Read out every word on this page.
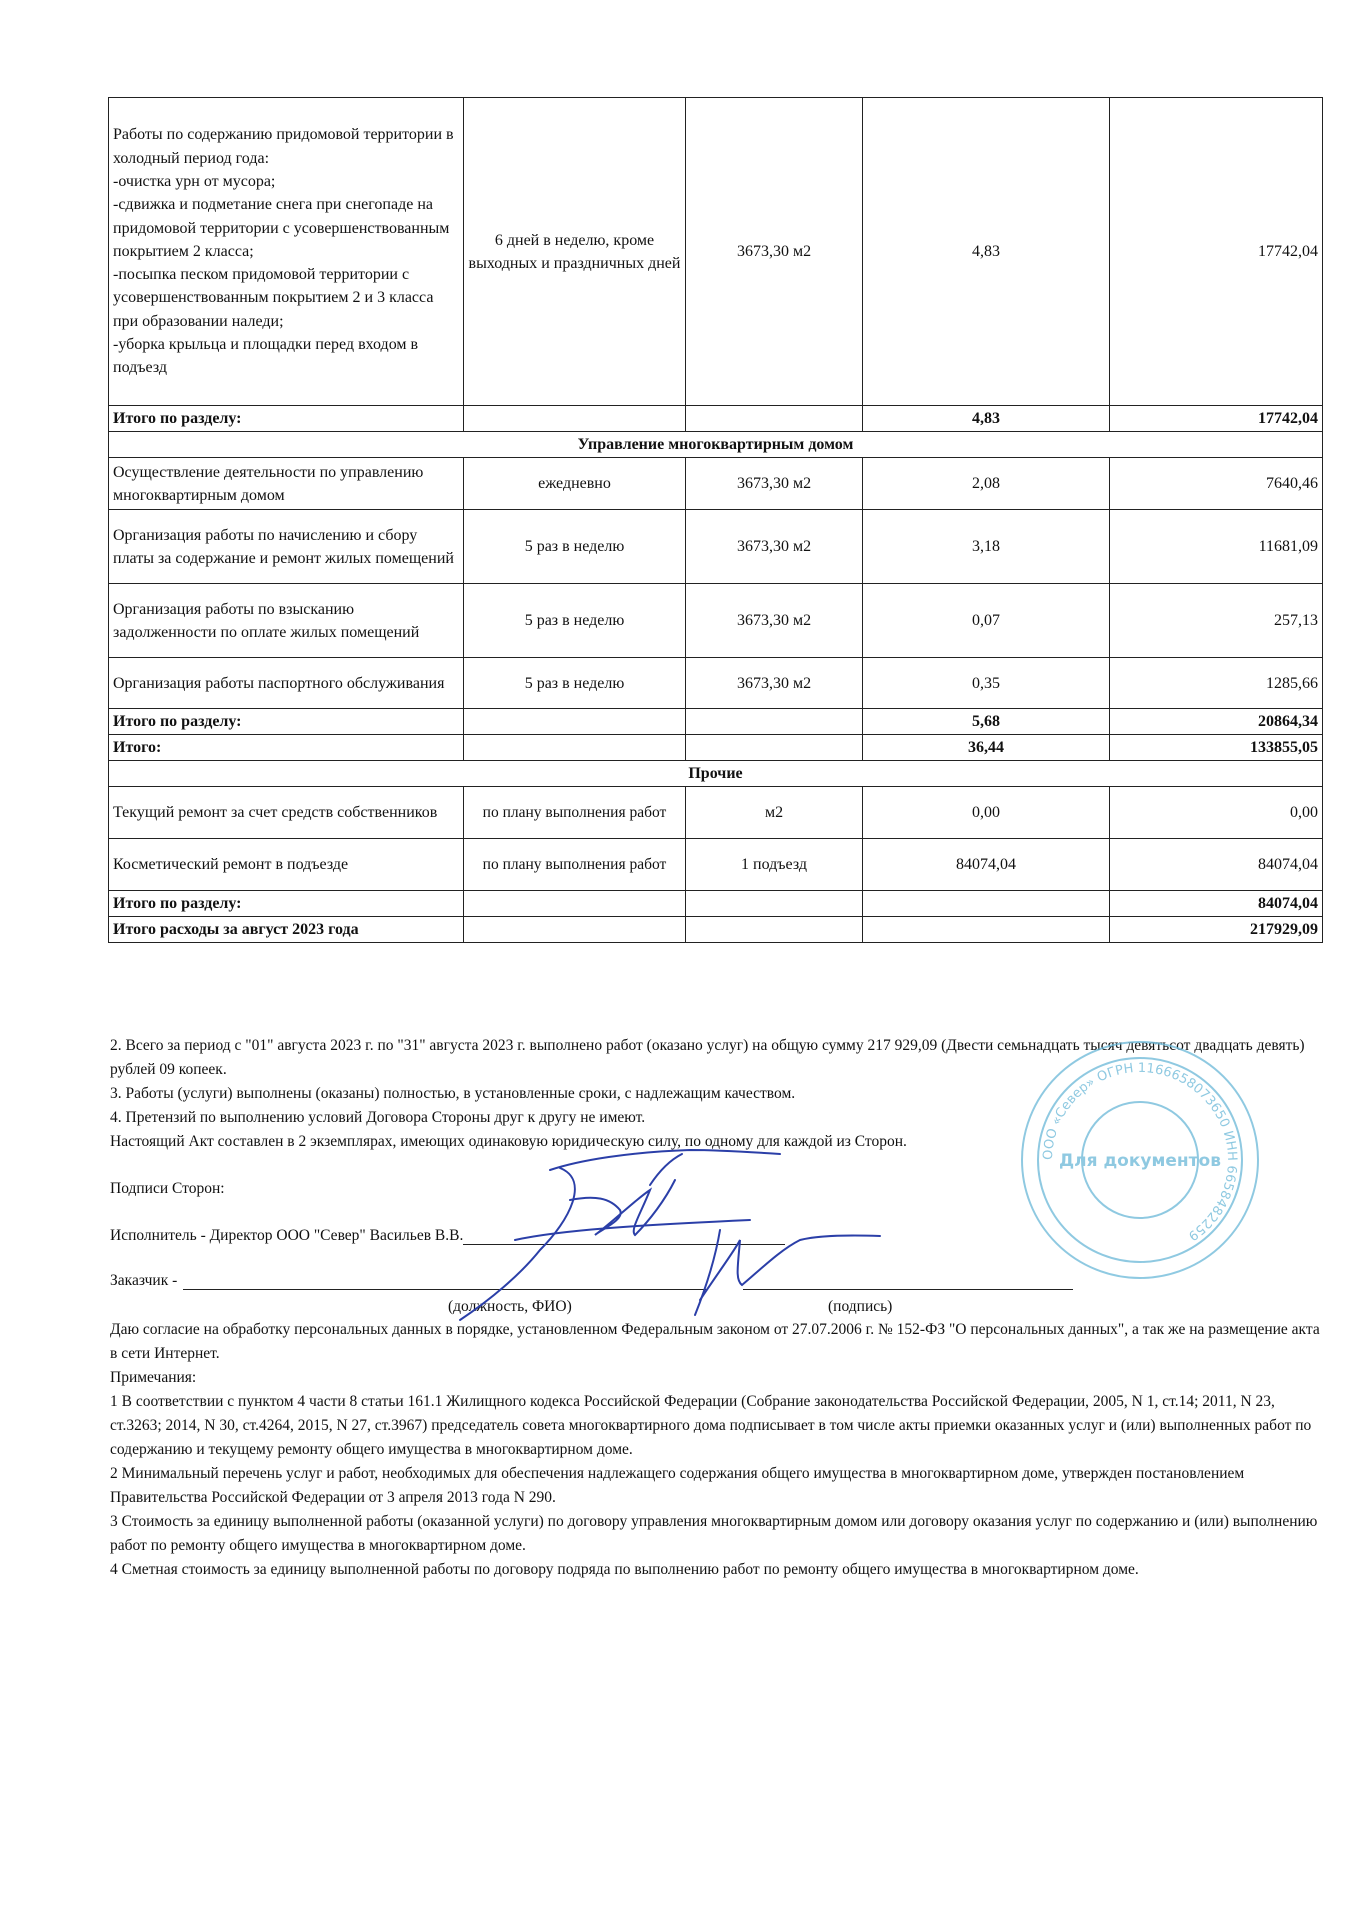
Работы по содержанию придомовой территории в холодный период года:
-очистка урн от мусора;
-сдвижка и подметание снега при снегопаде на придомовой территории с усовершенствованным покрытием 2 класса;
-посыпка песком придомовой территории с усовершенствованным покрытием 2 и 3 класса при образовании наледи;
-уборка крыльца и площадки перед входом в подъезд	6 дней в неделю, кроме выходных и праздничных дней	3673,30 м2	4,83	17742,04
Итого по разделу:			4,83	17742,04
Управление многоквартирным домом				
Осуществление деятельности по управлению многоквартирным домом	ежедневно	3673,30 м2	2,08	7640,46
Организация работы по начислению и сбору платы за содержание и ремонт жилых помещений	5 раз в неделю	3673,30 м2	3,18	11681,09
Организация работы по взысканию задолженности по оплате жилых помещений	5 раз в неделю	3673,30 м2	0,07	257,13
Организация работы паспортного обслуживания	5 раз в неделю	3673,30 м2	0,35	1285,66
Итого по разделу:			5,68	20864,34
Итого:			36,44	133855,05
Прочие				
Текущий ремонт за счет средств собственников	по плану выполнения работ	м2	0,00	0,00
Косметический ремонт в подъезде	по плану выполнения работ	1 подъезд	84074,04	84074,04
Итого по разделу:				84074,04
Итого расходы за август 2023 года				217929,09

2. Всего за период с "01" августа 2023 г. по "31" августа 2023 г. выполнено работ (оказано услуг) на общую сумму 217 929,09 (Двести семьнадцать тысяч девятьсот двадцать девять) рублей 09 копеек.

3. Работы (услуги) выполнены (оказаны) полностью, в установленные сроки, с надлежащим качеством.

4. Претензий по выполнению условий Договора Стороны друг к другу не имеют.

Настоящий Акт составлен в 2 экземплярах, имеющих одинаковую юридическую силу, по одному для каждой из Сторон.

Подписи Сторон:
Исполнитель - Директор ООО "Север" Васильев В.В.
Заказчик -
(должность, ФИО)	(подпись)

Даю согласие на обработку персональных данных в порядке, установленном Федеральным законом от 27.07.2006 г. № 152-ФЗ "О персональных данных", а так же на размещение акта в сети Интернет.

Примечания:

1 В соответствии с пунктом 4 части 8 статьи 161.1 Жилищного кодекса Российской Федерации (Собрание законодательства Российской Федерации, 2005, N 1, ст.14; 2011, N 23, ст.3263; 2014, N 30, ст.4264, 2015, N 27, ст.3967) председатель совета многоквартирного дома подписывает в том числе акты приемки оказанных услуг и (или) выполненных работ по содержанию и текущему ремонту общего имущества в многоквартирном доме.

2 Минимальный перечень услуг и работ, необходимых для обеспечения надлежащего содержания общего имущества в многоквартирном доме, утвержден постановлением Правительства Российской Федерации от 3 апреля 2013 года N 290.

3 Стоимость за единицу выполненной работы (оказанной услуги) по договору управления многоквартирным домом или договору оказания услуг по содержанию и (или) выполнению работ по ремонту общего имущества в многоквартирном доме.

4 Сметная стоимость за единицу выполненной работы по договору подряда по выполнению работ по ремонту общего имущества в многоквартирном доме.

ООО «Север» ОГРН 1166658073650 ИНН 6658482259
Для документов
